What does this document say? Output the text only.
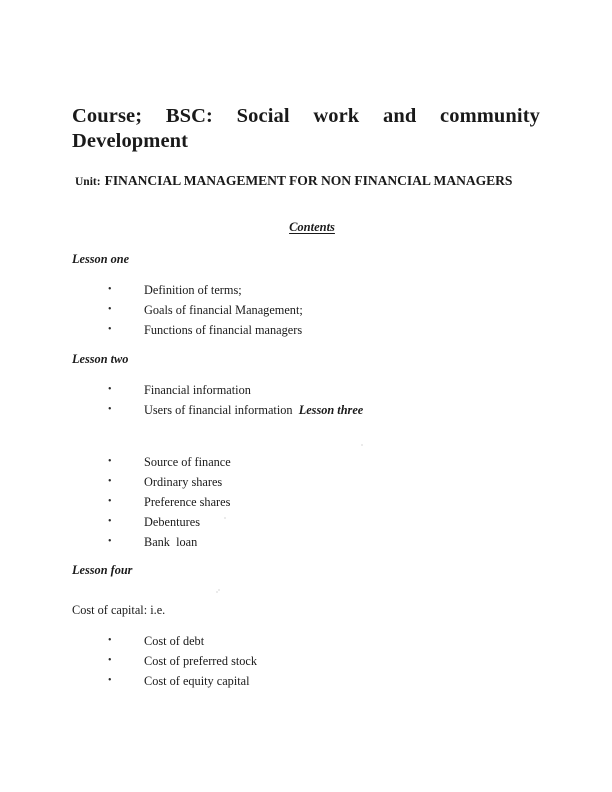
Course; BSC: Social work and community
Development
Unit: FINANCIAL MANAGEMENT FOR NON FINANCIAL MANAGERS
Contents
Lesson one

•

	Definition of terms;

•

	Goals of financial Management;

•

	Functions of financial managers

Lesson two

•

	Financial information

•

	Users of financial information  Lesson three

•

	Source of finance

•

	Ordinary shares

•

	Preference shares

•

	Debentures

•

	Bank  loan

Lesson four
Cost of capital: i.e.

•

	Cost of debt

•

	Cost of preferred stock

•

	Cost of equity capital
